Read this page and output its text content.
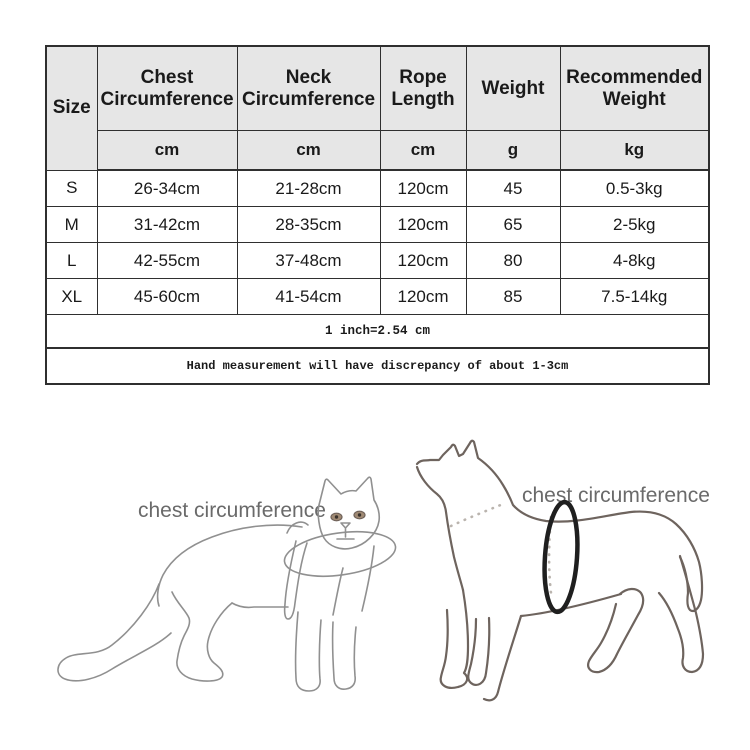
Size	Chest Circumference	Neck Circumference	Rope Length	Weight	Recommended Weight
	cm	cm	cm	g	kg
S	26-34cm	21-28cm	120cm	45	0.5-3kg
M	31-42cm	28-35cm	120cm	65	2-5kg
L	42-55cm	37-48cm	120cm	80	4-8kg
XL	45-60cm	41-54cm	120cm	85	7.5-14kg
1 inch=2.54 cm					
Hand measurement will have discrepancy of about 1-3cm					
chest circumference
chest circumference
